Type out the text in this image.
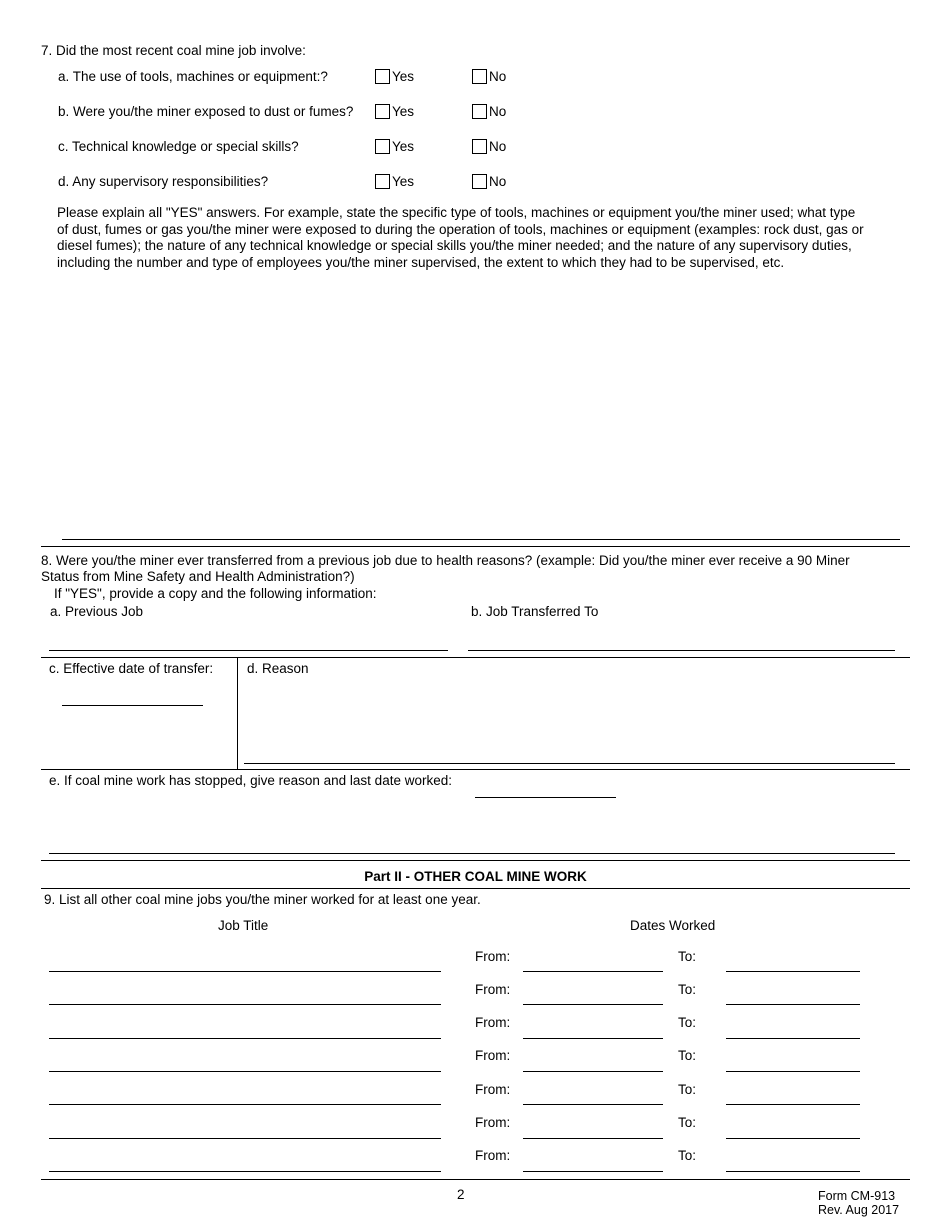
7. Did the most recent coal mine job involve:
a. The use of tools, machines or equipment:?	Yes	No
b. Were you/the miner exposed to dust or fumes?	Yes	No
c. Technical knowledge or special skills?	Yes	No
d. Any supervisory responsibilities?	Yes	No
Please explain all "YES" answers. For example, state the specific type of tools, machines or equipment you/the miner used; what type
of dust, fumes or gas you/the miner were exposed to during the operation of tools, machines or equipment (examples: rock dust, gas or
diesel fumes); the nature of any technical knowledge or special skills you/the miner needed; and the nature of any supervisory duties,
including the number and type of employees you/the miner supervised, the extent to which they had to be supervised, etc.
8. Were you/the miner ever transferred from a previous job due to health reasons? (example: Did you/the miner ever receive a 90 Miner
Status from Mine Safety and Health Administration?)
If "YES", provide a copy and the following information:
a. Previous Job	b. Job Transferred To
c. Effective date of transfer:	d. Reason
e. If coal mine work has stopped, give reason and last date worked:
Part II - OTHER COAL MINE WORK
9. List all other coal mine jobs you/the miner worked for at least one year.
Job Title	Dates Worked
From:	To:
From:	To:
From:	To:
From:	To:
From:	To:
From:	To:
From:	To:
2	Form CM-913
Rev. Aug 2017
